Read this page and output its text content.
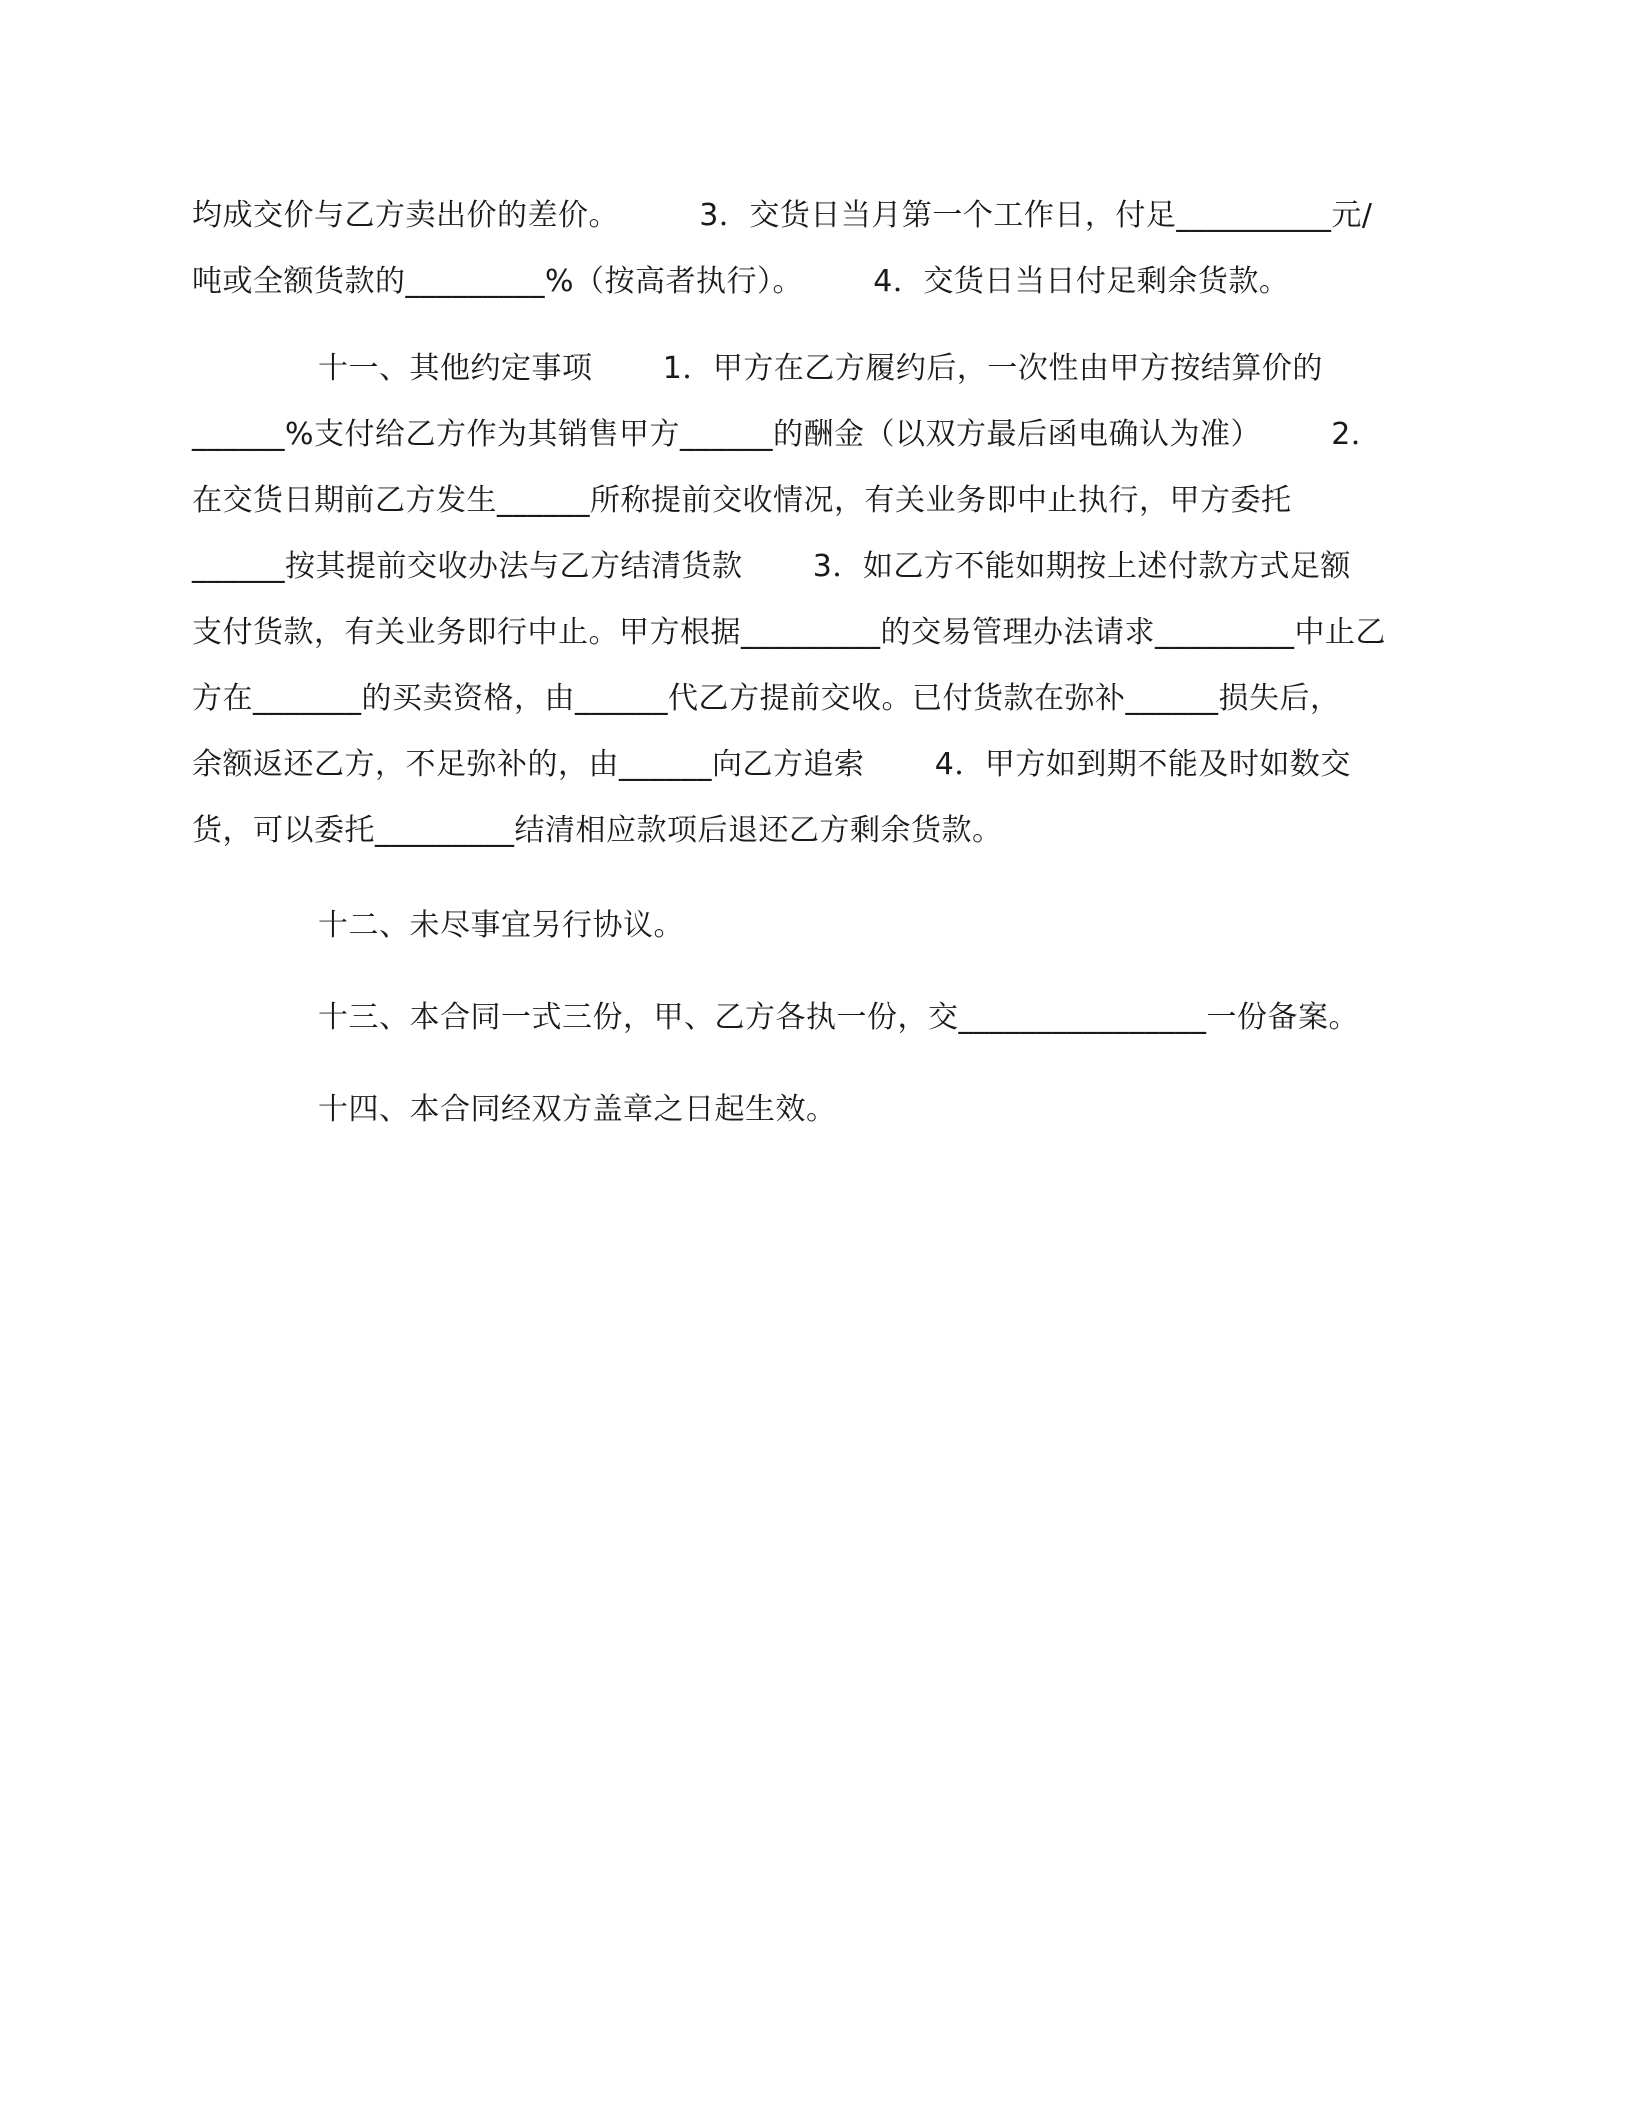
均成交价与乙方卖出价的差价。        3．交货日当月第一个工作日，付足__________元/
吨或全额货款的_________%（按高者执行）。       4．交货日当日付足剩余货款。
十一、其他约定事项       1．甲方在乙方履约后，一次性由甲方按结算价的
______%支付给乙方作为其销售甲方______的酬金（以双方最后函电确认为准）       2．
在交货日期前乙方发生______所称提前交收情况，有关业务即中止执行，甲方委托
______按其提前交收办法与乙方结清货款       3．如乙方不能如期按上述付款方式足额
支付货款，有关业务即行中止。甲方根据_________的交易管理办法请求_________中止乙
方在_______的买卖资格，由______代乙方提前交收。已付货款在弥补______损失后，
余额返还乙方，不足弥补的，由______向乙方追索       4．甲方如到期不能及时如数交
货，可以委托_________结清相应款项后退还乙方剩余货款。
十二、未尽事宜另行协议。
十三、本合同一式三份，甲、乙方各执一份，交________________一份备案。
十四、本合同经双方盖章之日起生效。
